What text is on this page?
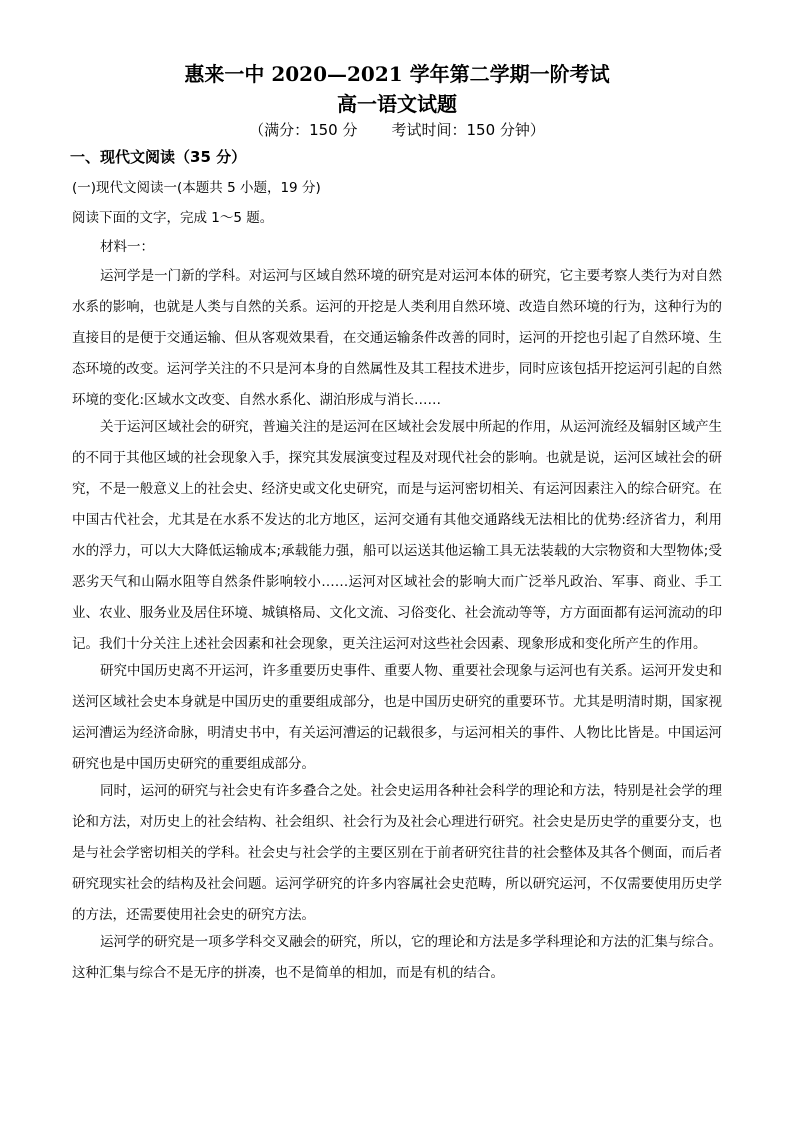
惠来一中 2020—2021 学年第二学期一阶考试
高一语文试题
（满分：150 分 考试时间：150 分钟）
一、现代文阅读（35 分）
(一)现代文阅读一(本题共 5 小题，19 分)
阅读下面的文字，完成 1～5 题。
材料一：

运河学是一门新的学科。对运河与区域自然环境的研究是对运河本体的研究，它主要考察人类行为对自然水系的影响，也就是人类与自然的关系。运河的开挖是人类利用自然环境、改造自然环境的行为，这种行为的直接目的是便于交通运输、但从客观效果看，在交通运输条件改善的同时，运河的开挖也引起了自然环境、生态环境的改变。运河学关注的不只是河本身的自然属性及其工程技术进步，同时应该包括开挖运河引起的自然环境的变化:区域水文改变、自然水系化、湖泊形成与消长……

关于运河区域社会的研究，普遍关注的是运河在区域社会发展中所起的作用，从运河流经及辐射区域产生的不同于其他区域的社会现象入手，探究其发展演变过程及对现代社会的影响。也就是说，运河区域社会的研究，不是一般意义上的社会史、经济史或文化史研究，而是与运河密切相关、有运河因素注入的综合研究。在中国古代社会，尤其是在水系不发达的北方地区，运河交通有其他交通路线无法相比的优势:经济省力，利用水的浮力，可以大大降低运输成本;承载能力强，船可以运送其他运输工具无法装载的大宗物资和大型物体;受恶劣天气和山隔水阻等自然条件影响较小……运河对区域社会的影响大而广泛举凡政治、军事、商业、手工业、农业、服务业及居住环境、城镇格局、文化文流、习俗变化、社会流动等等，方方面面都有运河流动的印记。我们十分关注上述社会因素和社会现象，更关注运河对这些社会因素、现象形成和变化所产生的作用。

研究中国历史离不开运河，许多重要历史事件、重要人物、重要社会现象与运河也有关系。运河开发史和送河区域社会史本身就是中国历史的重要组成部分，也是中国历史研究的重要环节。尤其是明清时期，国家视运河漕运为经济命脉，明清史书中，有关运河漕运的记载很多，与运河相关的事件、人物比比皆是。中国运河研究也是中国历史研究的重要组成部分。

同时，运河的研究与社会史有许多叠合之处。社会史运用各种社会科学的理论和方法，特别是社会学的理论和方法，对历史上的社会结构、社会组织、社会行为及社会心理进行研究。社会史是历史学的重要分支，也是与社会学密切相关的学科。社会史与社会学的主要区别在于前者研究往昔的社会整体及其各个侧面，而后者研究现实社会的结构及社会问题。运河学研究的许多内容属社会史范畴，所以研究运河，不仅需要使用历史学的方法，还需要使用社会史的研究方法。

运河学的研究是一项多学科交叉融会的研究，所以，它的理论和方法是多学科理论和方法的汇集与综合。这种汇集与综合不是无序的拼凑，也不是简单的相加，而是有机的结合。
